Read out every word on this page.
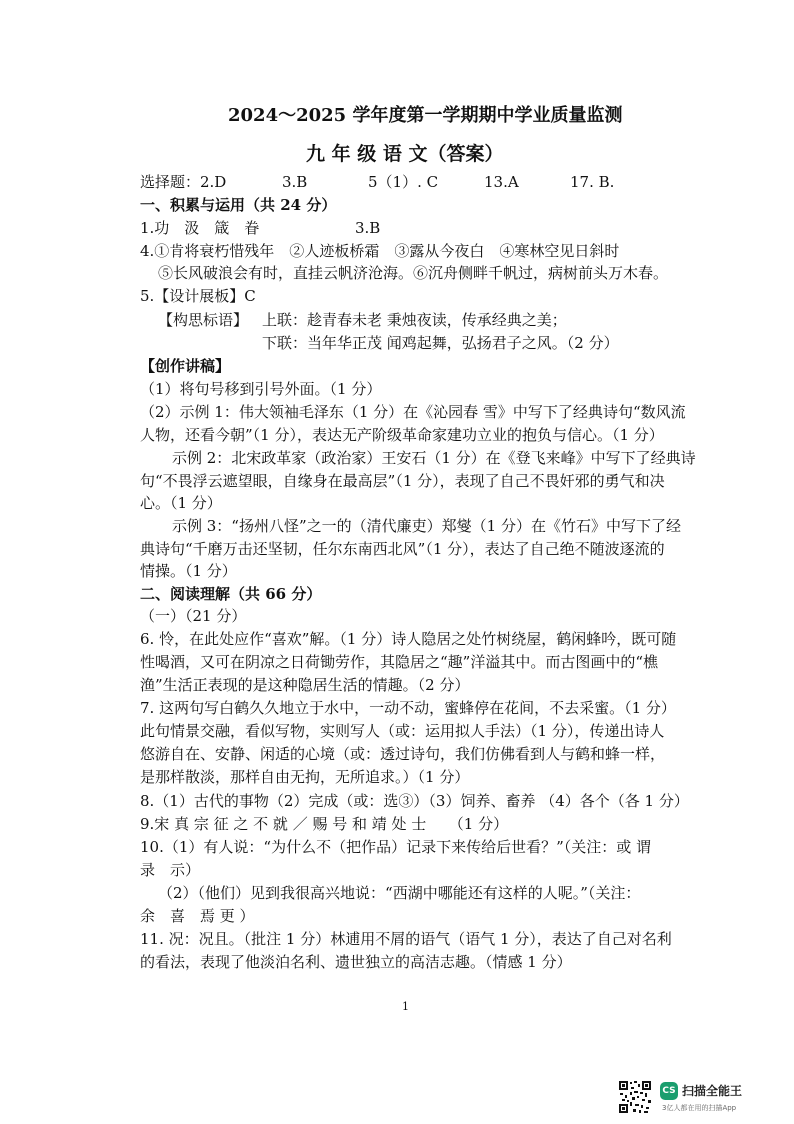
2024～2025 学年度第一学期期中学业质量监测
九 年 级 语 文（答案）
选择题：2.D	3.B	5（1）. C	13.A	17. B.
一、积累与运用（共 24 分）
1.功　汲　箴　眷	3.B
4.①肯将衰朽惜残年　②人迹板桥霜　③露从今夜白　④寒林空见日斜时
⑤长风破浪会有时，直挂云帆济沧海。⑥沉舟侧畔千帆过，病树前头万木春。
5.【设计展板】C
【构思标语】 上联：趁青春未老 秉烛夜读，传承经典之美；
下联：当年华正茂 闻鸡起舞，弘扬君子之风。（2 分）
【创作讲稿】
（1）将句号移到引号外面。（1 分）
（2）示例 1：伟大领袖毛泽东（1 分）在《沁园春 雪》中写下了经典诗句“数风流
人物，还看今朝”（1 分），表达无产阶级革命家建功立业的抱负与信心。（1 分）
示例 2：北宋政革家（政治家）王安石（1 分）在《登飞来峰》中写下了经典诗
句“不畏浮云遮望眼，自缘身在最高层”（1 分），表现了自己不畏奸邪的勇气和决
心。（1 分）
示例 3：“扬州八怪”之一的（清代廉吏）郑燮（1 分）在《竹石》中写下了经
典诗句“千磨万击还坚韧，任尔东南西北风”（1 分），表达了自己绝不随波逐流的
情操。（1 分）
二、阅读理解（共 66 分）
（一）（21 分）
6. 怜，在此处应作“喜欢”解。（1 分）诗人隐居之处竹树绕屋，鹤闲蜂吟，既可随
性喝酒，又可在阴凉之日荷锄劳作，其隐居之“趣”洋溢其中。而古图画中的“樵
渔”生活正表现的是这种隐居生活的情趣。（2 分）
7. 这两句写白鹤久久地立于水中，一动不动，蜜蜂停在花间，不去采蜜。（1 分）
此句情景交融，看似写物，实则写人（或：运用拟人手法）（1 分），传递出诗人
悠游自在、安静、闲适的心境（或：透过诗句，我们仿佛看到人与鹤和蜂一样，
是那样散淡，那样自由无拘，无所追求。）（1 分）
8.（1）古代的事物（2）完成（或：选③）（3）饲养、畜养 （4）各个（各 1 分）
9.宋 真 宗 征 之 不 就 ／ 赐 号 和 靖 处 士　　（1 分）
10.（1）有人说：“为什么不（把作品）记录下来传给后世看？”（关注：或 谓
录　示）
（2）（他们）见到我很高兴地说：“西湖中哪能还有这样的人呢。”（关注：
余　喜　焉 更 ）
11. 况：况且。（批注 1 分）林逋用不屑的语气（语气 1 分），表达了自己对名利
的看法，表现了他淡泊名利、遗世独立的高洁志趣。（情感 1 分）
1
CS 扫描全能王
3亿人都在用的扫描App
